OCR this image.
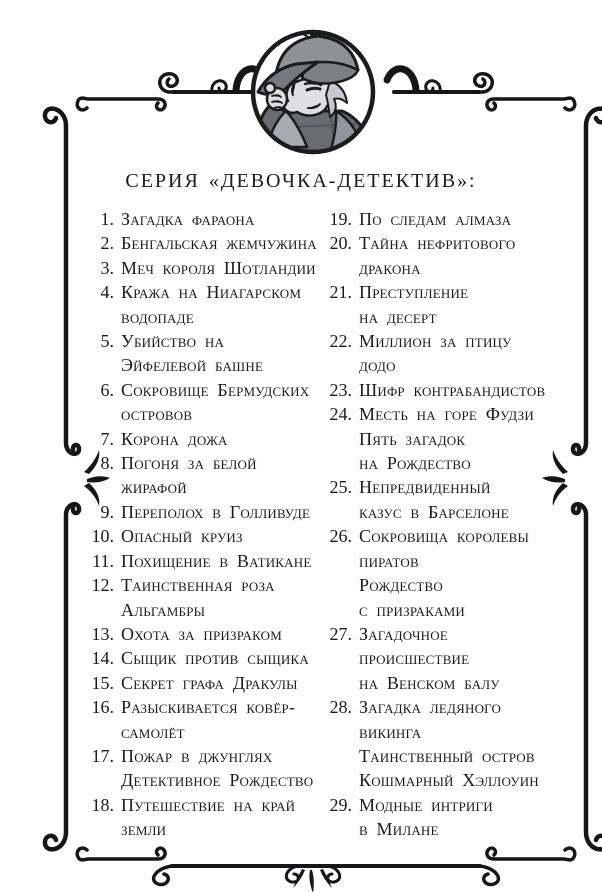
СЕРИЯ «ДЕВОЧКА-ДЕТЕКТИВ»:
1. Загадка фараона
2. Бенгальская жемчужина
3. Меч короля Шотландии
4. Кража на Ниагарском
водопаде
5. Убийство на
Эйфелевой башне
6. Сокровище Бермудских
островов
7. Корона дожа
8. Погоня за белой
жирафой
9. Переполох в Голливуде
10. Опасный круиз
11. Похищение в Ватикане
12. Таинственная роза
Альгамбры
13. Охота за призраком
14. Сыщик против сыщика
15. Секрет графа Дракулы
16. Разыскивается ковёр-
самолёт
17. Пожар в джунглях
Детективное Рождество
18. Путешествие на край
земли
19. По следам алмаза
20. Тайна нефритового
дракона
21. Преступление
на десерт
22. Миллион за птицу
додо
23. Шифр контрабандистов
24. Месть на горе Фудзи
Пять загадок
на Рождество
25. Непредвиденный
казус в Барселоне
26. Сокровища королевы
пиратов
Рождество
с призраками
27. Загадочное
происшествие
на Венском балу
28. Загадка ледяного
викинга
Таинственный остров
Кошмарный Хэллоуин
29. Модные интриги
в Милане
